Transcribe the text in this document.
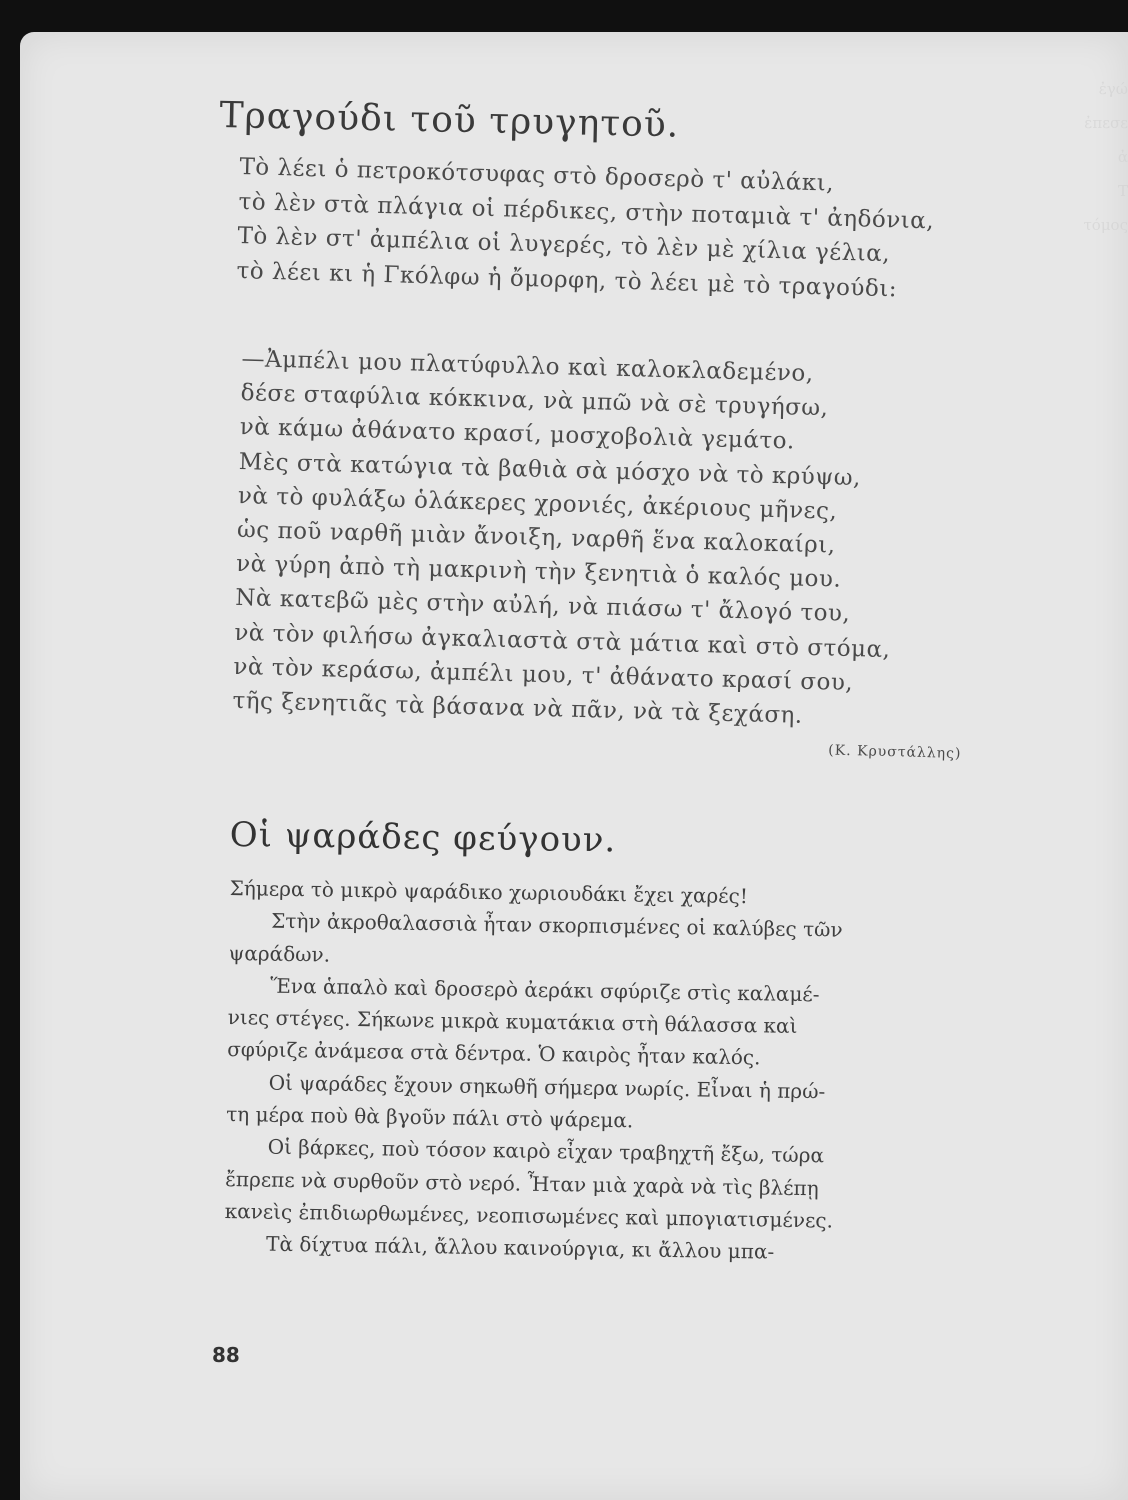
ἐγώ
ἐπεσε
ἀ
Τ
τόμος
Τραγούδι τοῦ τρυγητοῦ.
Τὸ λέει ὁ πετροκότσυφας στὸ δροσερὸ τ' αὐλάκι,
τὸ λὲν στὰ πλάγια οἱ πέρδικες, στὴν ποταμιὰ τ' ἀηδόνια,
Τὸ λὲν στ' ἀμπέλια οἱ λυγερές, τὸ λὲν μὲ χίλια γέλια,
τὸ λέει κι ἡ Γκόλφω ἡ ὄμορφη, τὸ λέει μὲ τὸ τραγούδι:
—Ἀμπέλι μου πλατύφυλλο καὶ καλοκλαδεμένο,
δέσε σταφύλια κόκκινα, νὰ μπῶ νὰ σὲ τρυγήσω,
νὰ κάμω ἀθάνατο κρασί, μοσχοβολιὰ γεμάτο.
Μὲς στὰ κατώγια τὰ βαθιὰ σὰ μόσχο νὰ τὸ κρύψω,
νὰ τὸ φυλάξω ὁλάκερες χρονιές, ἀκέριους μῆνες,
ὡς ποῦ ναρθῆ μιὰν ἄνοιξη, ναρθῆ ἕνα καλοκαίρι,
νὰ γύρη ἀπὸ τὴ μακρινὴ τὴν ξενητιὰ ὁ καλός μου.
Νὰ κατεβῶ μὲς στὴν αὐλή, νὰ πιάσω τ' ἄλογό του,
νὰ τὸν φιλήσω ἀγκαλιαστὰ στὰ μάτια καὶ στὸ στόμα,
νὰ τὸν κεράσω, ἀμπέλι μου, τ' ἀθάνατο κρασί σου,
τῆς ξενητιᾶς τὰ βάσανα νὰ πᾶν, νὰ τὰ ξεχάση.
(Κ. Κρυστάλλης)
Οἱ ψαράδες φεύγουν.
Σήμερα τὸ μικρὸ ψαράδικο χωριουδάκι ἔχει χαρές!
Στὴν ἀκροθαλασσιὰ ἦταν σκορπισμένες οἱ καλύβες τῶν
ψαράδων.
Ἕνα ἁπαλὸ καὶ δροσερὸ ἀεράκι σφύριζε στὶς καλαμέ-
νιες στέγες. Σήκωνε μικρὰ κυματάκια στὴ θάλασσα καὶ
σφύριζε ἀνάμεσα στὰ δέντρα. Ὁ καιρὸς ἦταν καλός.
Οἱ ψαράδες ἔχουν σηκωθῆ σήμερα νωρίς. Εἶναι ἡ πρώ-
τη μέρα ποὺ θὰ βγοῦν πάλι στὸ ψάρεμα.
Οἱ βάρκες, ποὺ τόσον καιρὸ εἶχαν τραβηχτῆ ἔξω, τώρα
ἔπρεπε νὰ συρθοῦν στὸ νερό. Ἦταν μιὰ χαρὰ νὰ τὶς βλέπῃ
κανεὶς ἐπιδιωρθωμένες, νεοπισωμένες καὶ μπογιατισμένες.
Τὰ δίχτυα πάλι, ἄλλου καινούργια, κι ἄλλου μπα-
88
